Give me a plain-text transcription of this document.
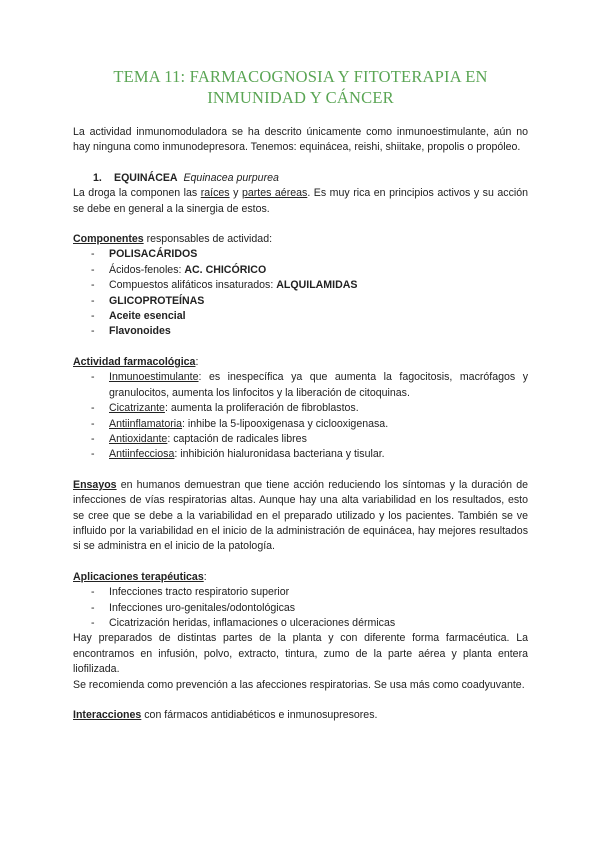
TEMA 11: FARMACOGNOSIA Y FITOTERAPIA EN INMUNIDAD Y CÁNCER

La actividad inmunomoduladora se ha descrito únicamente como inmunoestimulante, aún no hay ninguna como inmunodepresora. Tenemos: equinácea, reishi, shiitake, propolis o propóleo.

1. EQUINÁCEA Equinacea purpurea

La droga la componen las raíces y partes aéreas. Es muy rica en principios activos y su acción se debe en general a la sinergia de estos.

Componentes responsables de actividad:

- POLISACÁRIDOS
- Ácidos-fenoles: AC. CHICÓRICO
- Compuestos alifáticos insaturados: ALQUILAMIDAS
- GLICOPROTEÍNAS
- Aceite esencial
- Flavonoides

Actividad farmacológica:

- Inmunoestimulante: es inespecífica ya que aumenta la fagocitosis, macrófagos y granulocitos, aumenta los linfocitos y la liberación de citoquinas.
- Cicatrizante: aumenta la proliferación de fibroblastos.
- Antiinflamatoria: inhibe la 5-lipooxigenasa y ciclooxigenasa.
- Antioxidante: captación de radicales libres
- Antiinfecciosa: inhibición hialuronidasa bacteriana y tisular.

Ensayos en humanos demuestran que tiene acción reduciendo los síntomas y la duración de infecciones de vías respiratorias altas. Aunque hay una alta variabilidad en los resultados, esto se cree que se debe a la variabilidad en el preparado utilizado y los pacientes. También se ve influido por la variabilidad en el inicio de la administración de equinácea, hay mejores resultados si se administra en el inicio de la patología.

Aplicaciones terapéuticas:

- Infecciones tracto respiratorio superior
- Infecciones uro-genitales/odontológicas
- Cicatrización heridas, inflamaciones o ulceraciones dérmicas

Hay preparados de distintas partes de la planta y con diferente forma farmacéutica. La encontramos en infusión, polvo, extracto, tintura, zumo de la parte aérea y planta entera liofilizada.

Se recomienda como prevención a las afecciones respiratorias. Se usa más como coadyuvante.

Interacciones con fármacos antidiabéticos e inmunosupresores.
